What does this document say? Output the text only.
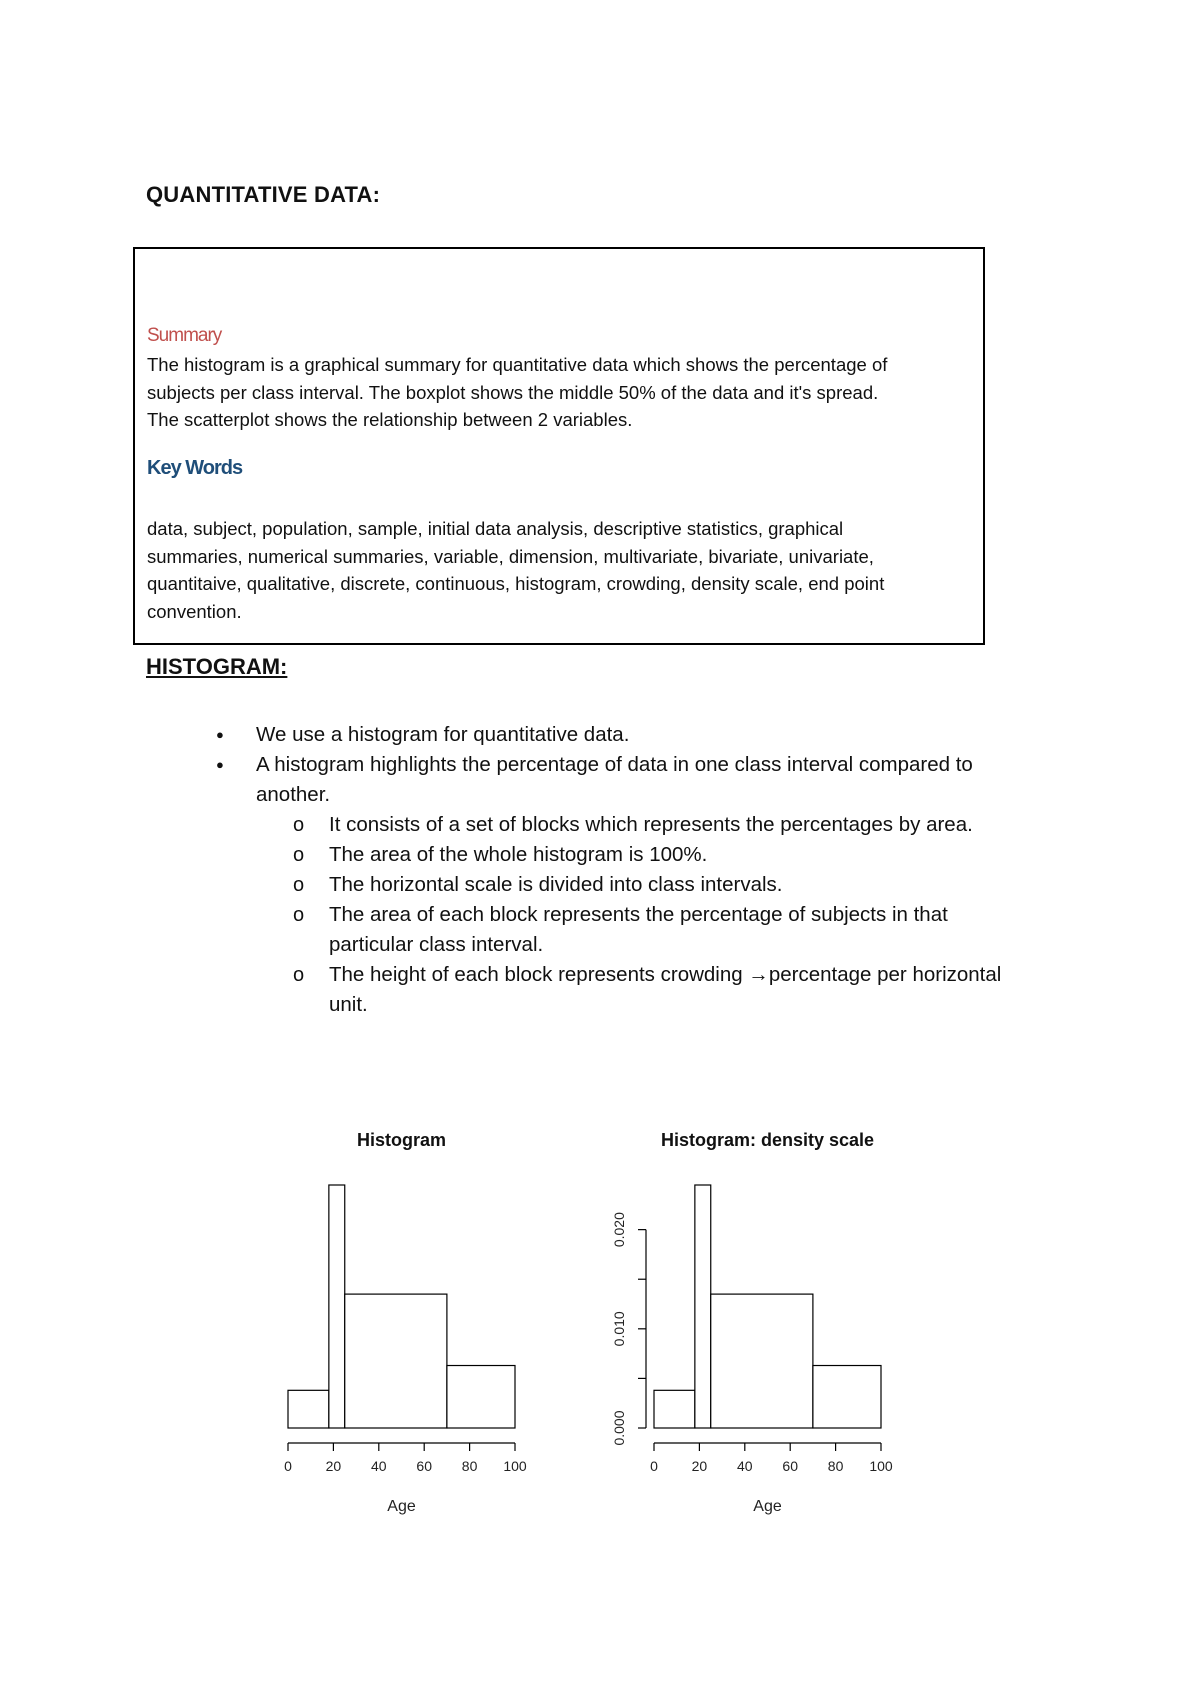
QUANTITATIVE DATA:
Summary
The histogram is a graphical summary for quantitative data which shows the percentage of
subjects per class interval. The boxplot shows the middle 50% of the data and it's spread.
The scatterplot shows the relationship between 2 variables.
Key Words
data, subject, population, sample, initial data analysis, descriptive statistics, graphical
summaries, numerical summaries, variable, dimension, multivariate, bivariate, univariate,
quantitaive, qualitative, discrete, continuous, histogram, crowding, density scale, end point
convention.
HISTOGRAM:
● We use a histogram for quantitative data.
● A histogram highlights the percentage of data in one class interval compared to
another.
o It consists of a set of blocks which represents the percentages by area.
o The area of the whole histogram is 100%.
o The horizontal scale is divided into class intervals.
o The area of each block represents the percentage of subjects in that
particular class interval.
o The height of each block represents crowding →percentage per horizontal
unit.
Histogram
0 20 40 60 80 100
Age
Histogram: density scale
0 20 40 60 80 100
Age
0.000
0.010
0.020
